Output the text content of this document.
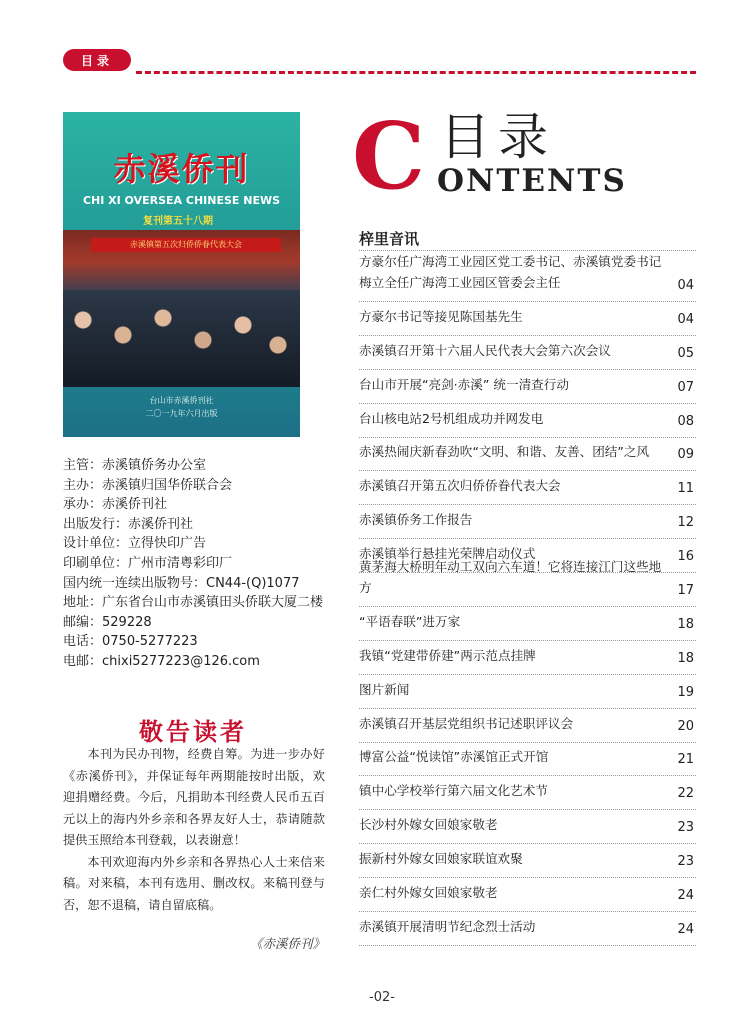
目录
赤溪侨刊
CHI XI OVERSEA CHINESE NEWS
复刊第五十八期
赤溪镇第五次归侨侨眷代表大会
台山市赤溪侨刊社
二〇一九年六月出版
主管：赤溪镇侨务办公室
主办：赤溪镇归国华侨联合会
承办：赤溪侨刊社
出版发行：赤溪侨刊社
设计单位：立得快印广告
印刷单位：广州市清粤彩印厂
国内统一连续出版物号：CN44-(Q)1077
地址：广东省台山市赤溪镇田头侨联大厦二楼
邮编：529228
电话：0750-5277223
电邮：chixi5277223@126.com
敬告读者

本刊为民办刊物，经费自筹。为进一步办好《赤溪侨刊》，并保证每年两期能按时出版，欢迎捐赠经费。今后，凡捐助本刊经费人民币五百元以上的海内外乡亲和各界友好人士，恭请随款提供玉照给本刊登载，以表谢意！

本刊欢迎海内外乡亲和各界热心人士来信来稿。对来稿，本刊有选用、删改权。来稿刊登与否，恕不退稿，请自留底稿。

《赤溪侨刊》
C 目录
ONTENTS
梓里音讯
方豪尔任广海湾工业园区党工委书记、赤溪镇党委书记
梅立全任广海湾工业园区管委会主任	04
方豪尔书记等接见陈国基先生	04
赤溪镇召开第十六届人民代表大会第六次会议	05
台山市开展“亮剑·赤溪” 统一清查行动	07
台山核电站2号机组成功并网发电	08
赤溪热闹庆新春劲吹“文明、和谐、友善、团结”之风	09
赤溪镇召开第五次归侨侨眷代表大会	11
赤溪镇侨务工作报告	12
赤溪镇举行悬挂光荣牌启动仪式	16
黄茅海大桥明年动工双向六车道！它将连接江门这些地方	17
“平语春联”进万家	18
我镇“党建带侨建”两示范点挂牌	18
图片新闻	19
赤溪镇召开基层党组织书记述职评议会	20
博富公益“悦读馆”赤溪馆正式开馆	21
镇中心学校举行第六届文化艺术节	22
长沙村外嫁女回娘家敬老	23
振新村外嫁女回娘家联谊欢聚	23
亲仁村外嫁女回娘家敬老	24
赤溪镇开展清明节纪念烈士活动	24
-02-
